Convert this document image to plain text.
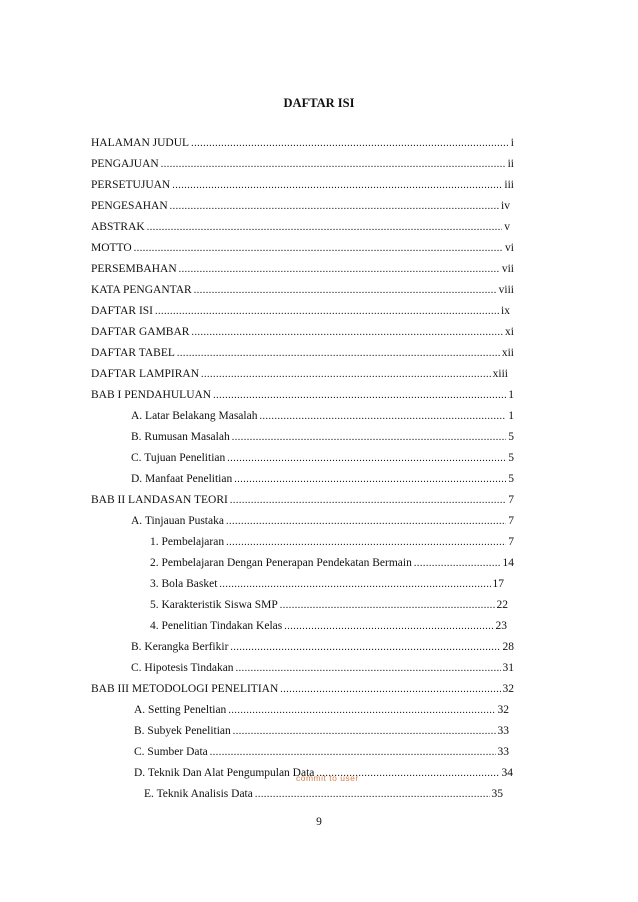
DAFTAR ISI
HALAMAN JUDUL .....	i
PENGAJUAN .....	ii
PERSETUJUAN .....	iii
PENGESAHAN .....	iv
ABSTRAK .....	v
MOTTO .....	vi
PERSEMBAHAN .....	vii
KATA PENGANTAR .....	viii
DAFTAR ISI .....	ix
DAFTAR GAMBAR .....	xi
DAFTAR TABEL .....	xii
DAFTAR LAMPIRAN .....	xiii
BAB I PENDAHULUAN .....	1
A. Latar Belakang Masalah .....	1
B. Rumusan Masalah .....	5
C. Tujuan Penelitian .....	5
D. Manfaat Penelitian .....	5
BAB II LANDASAN TEORI .....	7
A. Tinjauan Pustaka .....	7
1. Pembelajaran .....	7
2. Pembelajaran Dengan Penerapan Pendekatan Bermain .....	14
3. Bola Basket .....	17
5. Karakteristik Siswa SMP .....	22
4. Penelitian Tindakan Kelas .....	23
B. Kerangka Berfikir .....	28
C. Hipotesis Tindakan .....	31
BAB III METODOLOGI PENELITIAN .....	32
A. Setting Peneltian .....	32
B. Subyek Penelitian .....	33
C. Sumber Data .....	33
D. Teknik Dan Alat Pengumpulan Data .....	34
E. Teknik Analisis Data .....	35
commit to user
9
